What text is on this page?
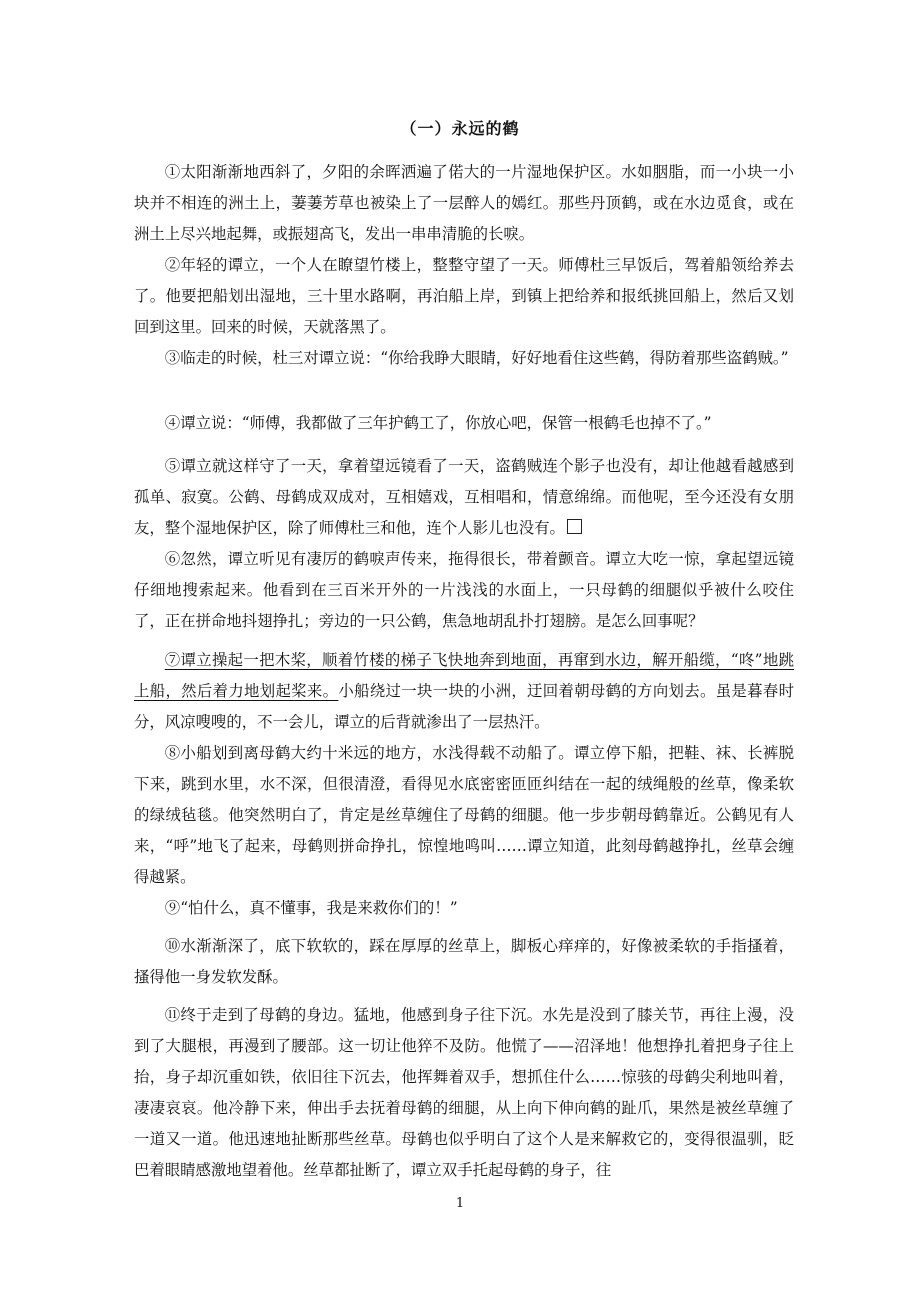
（一）永远的鹤

①太阳渐渐地西斜了，夕阳的余晖洒遍了偌大的一片湿地保护区。水如胭脂，而一小块一小块并不相连的洲土上，萋萋芳草也被染上了一层醉人的嫣红。那些丹顶鹤，或在水边觅食，或在洲土上尽兴地起舞，或振翅高飞，发出一串串清脆的长唳。

②年轻的谭立，一个人在瞭望竹楼上，整整守望了一天。师傅杜三早饭后，驾着船领给养去了。他要把船划出湿地，三十里水路啊，再泊船上岸，到镇上把给养和报纸挑回船上，然后又划回到这里。回来的时候，天就落黑了。

③临走的时候，杜三对谭立说：“你给我睁大眼睛，好好地看住这些鹤，得防着那些盗鹤贼。”

④谭立说：“师傅，我都做了三年护鹤工了，你放心吧，保管一根鹤毛也掉不了。”

⑤谭立就这样守了一天，拿着望远镜看了一天，盗鹤贼连个影子也没有，却让他越看越感到孤单、寂寞。公鹤、母鹤成双成对，互相嬉戏，互相唱和，情意绵绵。而他呢，至今还没有女朋友，整个湿地保护区，除了师傅杜三和他，连个人影儿也没有。

⑥忽然，谭立听见有凄厉的鹤唳声传来，拖得很长，带着颤音。谭立大吃一惊，拿起望远镜仔细地搜索起来。他看到在三百米开外的一片浅浅的水面上，一只母鹤的细腿似乎被什么咬住了，正在拼命地抖翅挣扎；旁边的一只公鹤，焦急地胡乱扑打翅膀。是怎么回事呢？

⑦谭立操起一把木桨，顺着竹楼的梯子飞快地奔到地面，再窜到水边，解开船缆，“咚”地跳上船，然后着力地划起桨来。小船绕过一块一块的小洲，迂回着朝母鹤的方向划去。虽是暮春时分，风凉嗖嗖的，不一会儿，谭立的后背就渗出了一层热汗。

⑧小船划到离母鹤大约十米远的地方，水浅得载不动船了。谭立停下船，把鞋、袜、长裤脱下来，跳到水里，水不深，但很清澄，看得见水底密密匝匝纠结在一起的绒绳般的丝草，像柔软的绿绒毡毯。他突然明白了，肯定是丝草缠住了母鹤的细腿。他一步步朝母鹤靠近。公鹤见有人来，“呼”地飞了起来，母鹤则拼命挣扎，惊惶地鸣叫……谭立知道，此刻母鹤越挣扎，丝草会缠得越紧。

⑨“怕什么，真不懂事，我是来救你们的！”

⑩水渐渐深了，底下软软的，踩在厚厚的丝草上，脚板心痒痒的，好像被柔软的手指搔着，搔得他一身发软发酥。

⑪终于走到了母鹤的身边。猛地，他感到身子往下沉。水先是没到了膝关节，再往上漫，没到了大腿根，再漫到了腰部。这一切让他猝不及防。他慌了——沼泽地！他想挣扎着把身子往上抬，身子却沉重如铁，依旧往下沉去，他挥舞着双手，想抓住什么……惊骇的母鹤尖利地叫着，凄凄哀哀。他冷静下来，伸出手去抚着母鹤的细腿，从上向下伸向鹤的趾爪，果然是被丝草缠了一道又一道。他迅速地扯断那些丝草。母鹤也似乎明白了这个人是来解救它的，变得很温驯，眨巴着眼睛感激地望着他。丝草都扯断了，谭立双手托起母鹤的身子，往

1
